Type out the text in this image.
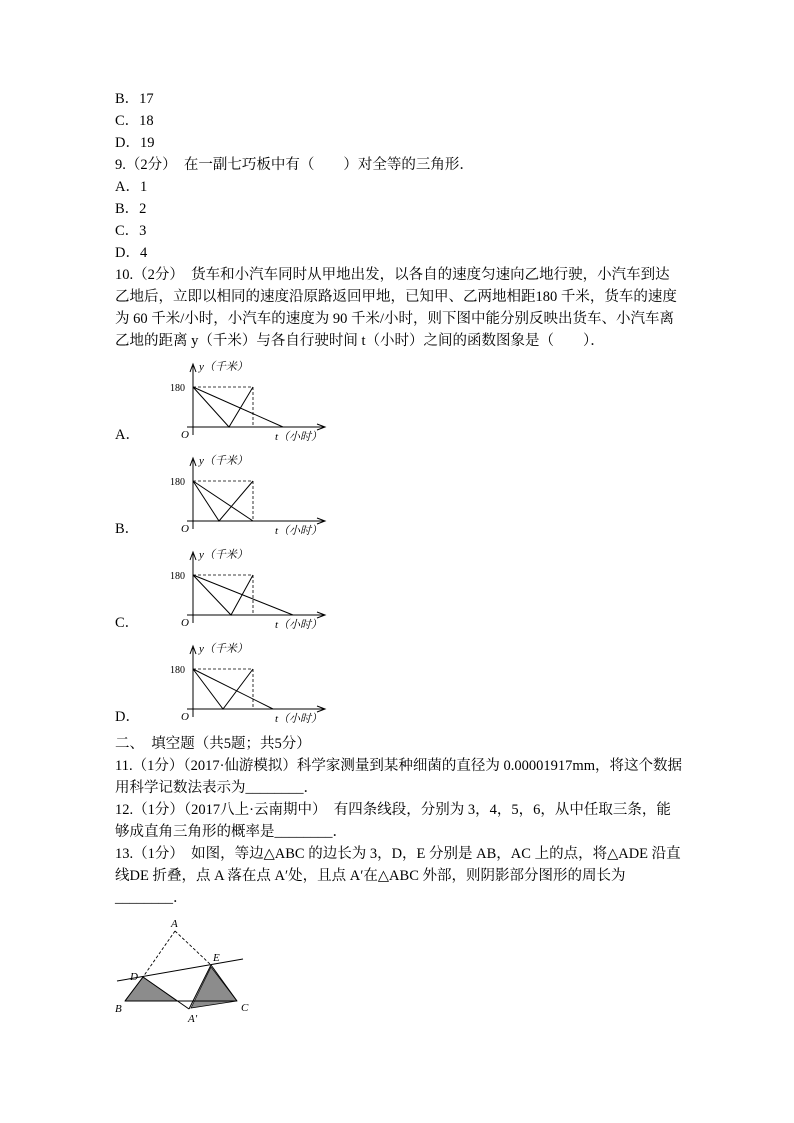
B．17

C．18

D．19

9.（2分）　在一副七巧板中有（　　）对全等的三角形．

A．1

B．2

C．3

D．4

10.（2分）　货车和小汽车同时从甲地出发，以各自的速度匀速向乙地行驶，小汽车到达乙地后，立即以相同的速度沿原路返回甲地，已知甲、乙两地相距180 千米，货车的速度为 60 千米/小时，小汽车的速度为 90 千米/小时，则下图中能分别反映出货车、小汽车离乙地的距离 y（千米）与各自行驶时间 t（小时）之间的函数图象是（　　）．

A．
y（千米）
180
O	t（小时）
B．
y（千米）
180
O	t（小时）
C．
y（千米）
180
O	t（小时）
D．
y（千米）
180
O	t（小时）

二、　填空题（共5题；共5分）

11.（1分）（2017·仙游模拟）科学家测量到某种细菌的直径为 0.00001917mm，将这个数据用科学记数法表示为________．

12.（1分）（2017八上·云南期中）　有四条线段，分别为 3，4，5，6，从中任取三条，能够成直角三角形的概率是________．

13.（1分）　如图，等边△ABC 的边长为 3，D，E 分别是 AB，AC 上的点，将△ADE 沿直线DE 折叠，点 A 落在点 A′处，且点 A′在△ABC 外部，则阴影部分图形的周长为________．

A
D
E
B	C
A′
